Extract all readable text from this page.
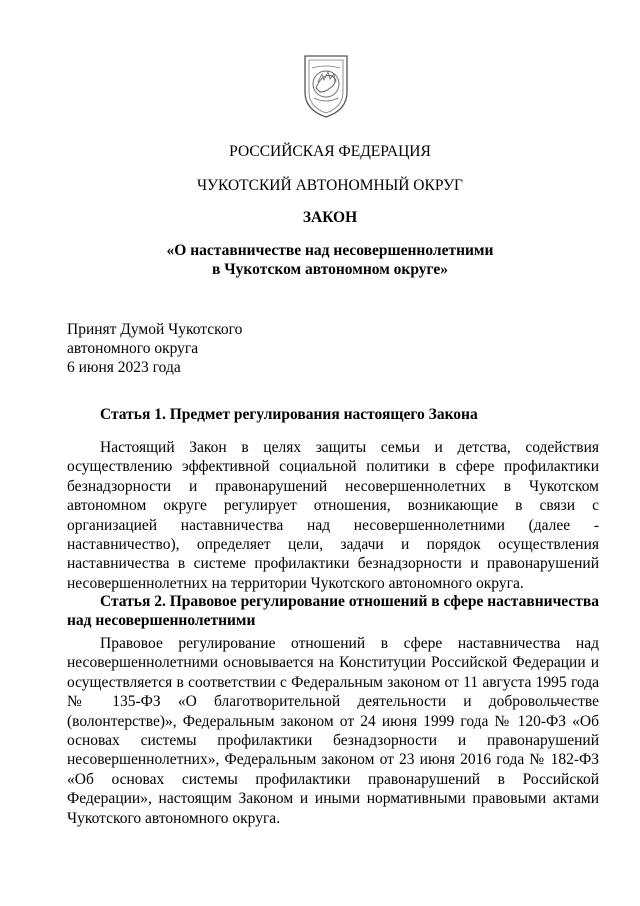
РОССИЙСКАЯ ФЕДЕРАЦИЯ
ЧУКОТСКИЙ АВТОНОМНЫЙ ОКРУГ
ЗАКОН
«О наставничестве над несовершеннолетними
в Чукотском автономном округе»
Принят Думой Чукотского
автономного округа
6 июня 2023 года
Статья 1. Предмет регулирования настоящего Закона
Настоящий Закон в целях защиты семьи и детства, содействия осуществлению эффективной социальной политики в сфере профилактики безнадзорности и правонарушений несовершеннолетних в Чукотском автономном округе регулирует отношения, возникающие в связи с организацией наставничества над несовершеннолетними (далее - наставничество), определяет цели, задачи и порядок осуществления наставничества в системе профилактики безнадзорности и правонарушений несовершеннолетних на территории Чукотского автономного округа.
Статья 2. Правовое регулирование отношений в сфере наставничества над несовершеннолетними
Правовое регулирование отношений в сфере наставничества над несовершеннолетними основывается на Конституции Российской Федерации и осуществляется в соответствии с Федеральным законом от 11 августа 1995 года № 135-ФЗ «О благотворительной деятельности и добровольчестве (волонтерстве)», Федеральным законом от 24 июня 1999 года № 120-ФЗ «Об основах системы профилактики безнадзорности и правонарушений несовершеннолетних», Федеральным законом от 23 июня 2016 года № 182-ФЗ «Об основах системы профилактики правонарушений в Российской Федерации», настоящим Законом и иными нормативными правовыми актами Чукотского автономного округа.
